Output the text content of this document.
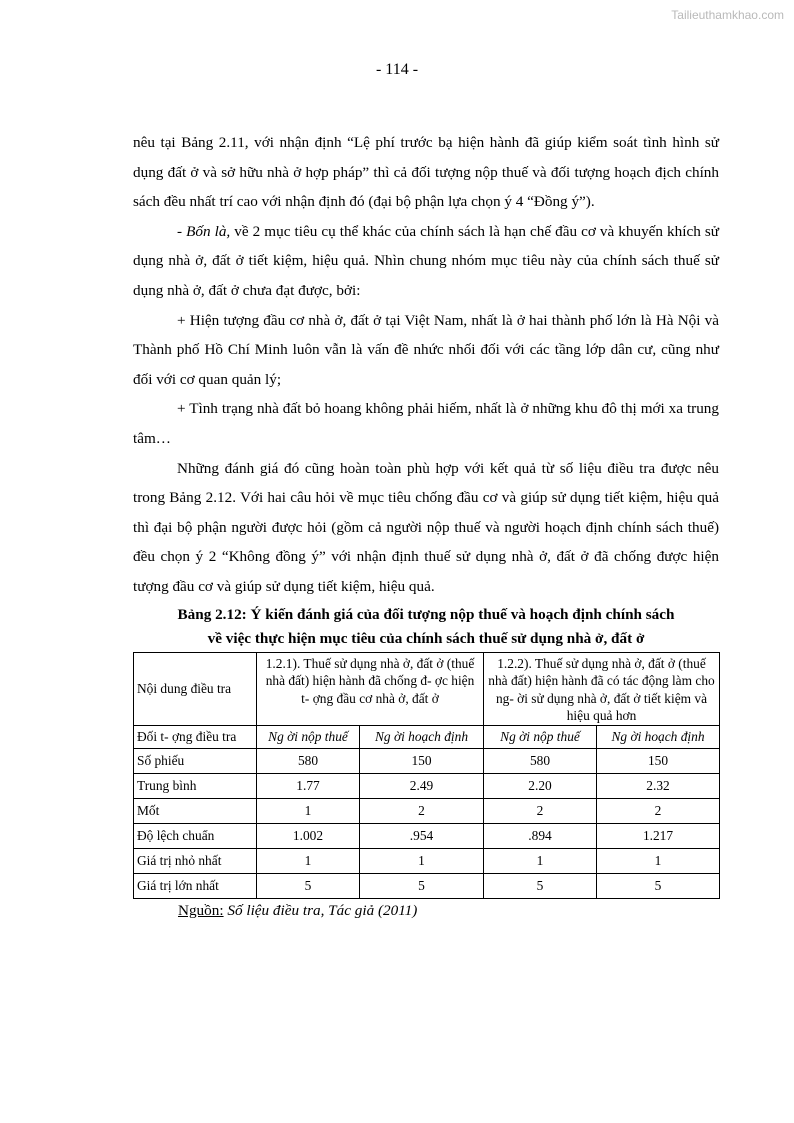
Tailieuthamkhao.com
- 114 -

nêu tại Bảng 2.11, với nhận định “Lệ phí trước bạ hiện hành đã giúp kiểm soát tình hình sử dụng đất ở và sở hữu nhà ở hợp pháp” thì cả đối tượng nộp thuế và đối tượng hoạch địch chính sách đều nhất trí cao với nhận định đó (đại bộ phận lựa chọn ý 4 “Đồng ý”).

- Bốn là, về 2 mục tiêu cụ thể khác của chính sách là hạn chế đầu cơ và khuyến khích sử dụng nhà ở, đất ở tiết kiệm, hiệu quả. Nhìn chung nhóm mục tiêu này của chính sách thuế sử dụng nhà ở, đất ở chưa đạt được, bởi:

+ Hiện tượng đầu cơ nhà ở, đất ở tại Việt Nam, nhất là ở hai thành phố lớn là Hà Nội và Thành phố Hồ Chí Minh luôn vẫn là vấn đề nhức nhối đối với các tầng lớp dân cư, cũng như đối với cơ quan quản lý;

+ Tình trạng nhà đất bỏ hoang không phải hiếm, nhất là ở những khu đô thị mới xa trung tâm…

Những đánh giá đó cũng hoàn toàn phù hợp với kết quả từ số liệu điều tra được nêu trong Bảng 2.12. Với hai câu hỏi về mục tiêu chống đầu cơ và giúp sử dụng tiết kiệm, hiệu quả thì đại bộ phận người được hỏi (gồm cả người nộp thuế và người hoạch định chính sách thuế) đều chọn ý 2 “Không đồng ý” với nhận định thuế sử dụng nhà ở, đất ở đã chống được hiện tượng đầu cơ và giúp sử dụng tiết kiệm, hiệu quả.

Bảng 2.12: Ý kiến đánh giá của đối tượng nộp thuế và hoạch định chính sách
về việc thực hiện mục tiêu của chính sách thuế sử dụng nhà ở, đất ở
Nội dung điều tra	1.2.1). Thuế sử dụng nhà ở, đất ở (thuế nhà đất) hiện hành đã chống đ- ợc hiện t- ợng đầu cơ nhà ở, đất ở		1.2.2). Thuế sử dụng nhà ở, đất ở (thuế nhà đất) hiện hành đã có tác động làm cho ng- ời sử dụng nhà ở, đất ở tiết kiệm và hiệu quả hơn	
Đối t- ợng điều tra	Ng ời nộp thuế	Ng ời hoạch định	Ng ời nộp thuế	Ng ời hoạch định
Số phiếu	580	150	580	150
Trung bình	1.77	2.49	2.20	2.32
Mốt	1	2	2	2
Độ lệch chuẩn	1.002	.954	.894	1.217
Giá trị nhỏ nhất	1	1	1	1
Giá trị lớn nhất	5	5	5	5
Nguồn: Số liệu điều tra, Tác giả (2011)
